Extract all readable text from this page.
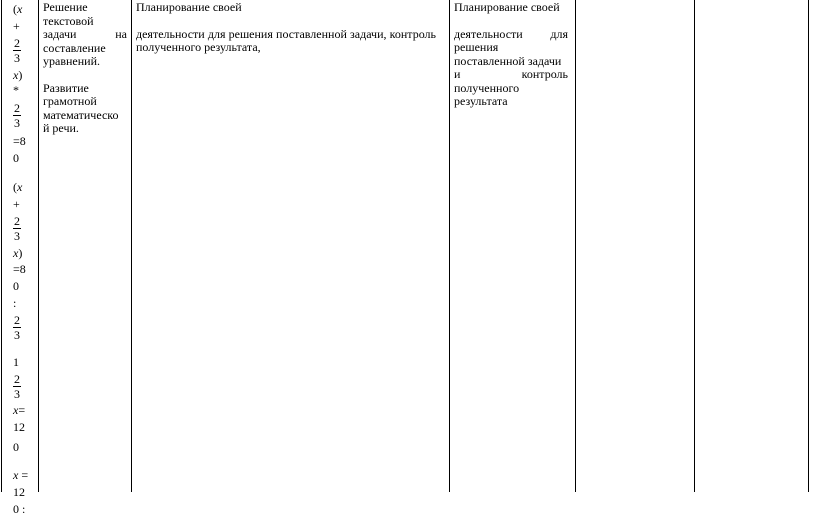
(x
+
$\frac{2}{3}$
x)
*
$\frac{2}{3}$
=8
0
(x
+
$\frac{2}{3}$
x)
=8
0
:
$\frac{2}{3}$
1
$\frac{2}{3}$
x=
12
0
x =
12
0 :
Решение
текстовой
задачи	на
составление
уравнений.
Развитие
грамотной
математическо
й речи.
Планирование своей
деятельности для решения поставленной задачи, контроль полученного результата,
Планирование своей
деятельности для
решения
поставленной задачи
и	контроль
полученного
результата
